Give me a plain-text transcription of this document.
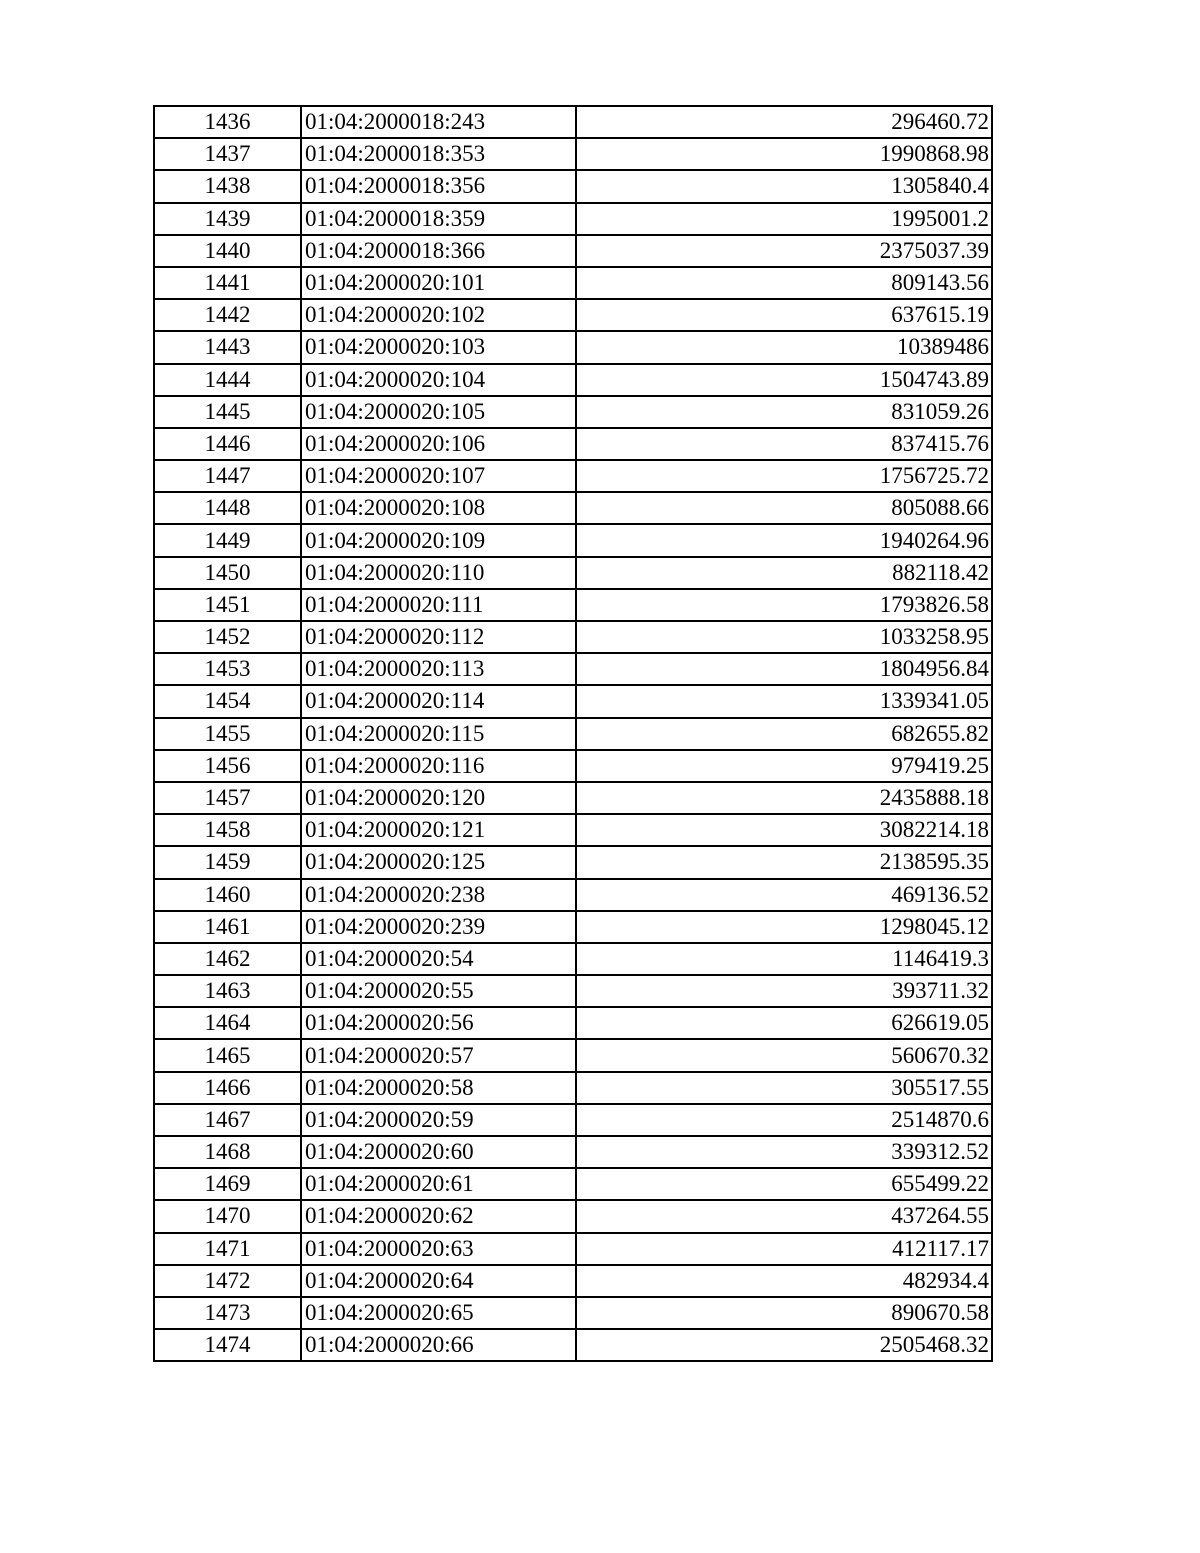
1436	01:04:2000018:243	296460.72
1437	01:04:2000018:353	1990868.98
1438	01:04:2000018:356	1305840.4
1439	01:04:2000018:359	1995001.2
1440	01:04:2000018:366	2375037.39
1441	01:04:2000020:101	809143.56
1442	01:04:2000020:102	637615.19
1443	01:04:2000020:103	10389486
1444	01:04:2000020:104	1504743.89
1445	01:04:2000020:105	831059.26
1446	01:04:2000020:106	837415.76
1447	01:04:2000020:107	1756725.72
1448	01:04:2000020:108	805088.66
1449	01:04:2000020:109	1940264.96
1450	01:04:2000020:110	882118.42
1451	01:04:2000020:111	1793826.58
1452	01:04:2000020:112	1033258.95
1453	01:04:2000020:113	1804956.84
1454	01:04:2000020:114	1339341.05
1455	01:04:2000020:115	682655.82
1456	01:04:2000020:116	979419.25
1457	01:04:2000020:120	2435888.18
1458	01:04:2000020:121	3082214.18
1459	01:04:2000020:125	2138595.35
1460	01:04:2000020:238	469136.52
1461	01:04:2000020:239	1298045.12
1462	01:04:2000020:54	1146419.3
1463	01:04:2000020:55	393711.32
1464	01:04:2000020:56	626619.05
1465	01:04:2000020:57	560670.32
1466	01:04:2000020:58	305517.55
1467	01:04:2000020:59	2514870.6
1468	01:04:2000020:60	339312.52
1469	01:04:2000020:61	655499.22
1470	01:04:2000020:62	437264.55
1471	01:04:2000020:63	412117.17
1472	01:04:2000020:64	482934.4
1473	01:04:2000020:65	890670.58
1474	01:04:2000020:66	2505468.32
